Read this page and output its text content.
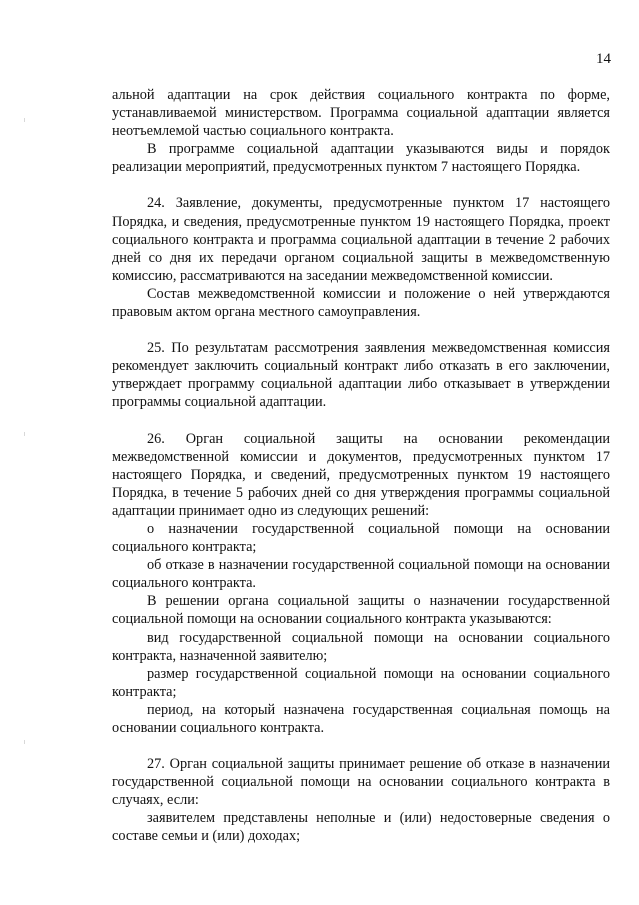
14

альной адаптации на срок действия социального контракта по форме, устанавливаемой министерством. Программа социальной адаптации является неотъемлемой частью социального контракта.

В программе социальной адаптации указываются виды и порядок реализации мероприятий, предусмотренных пунктом 7 настоящего Порядка.

24. Заявление, документы, предусмотренные пунктом 17 настоящего Порядка, и сведения, предусмотренные пунктом 19 настоящего Порядка, проект социального контракта и программа социальной адаптации в течение 2 рабочих дней со дня их передачи органом социальной защиты в межведомственную комиссию, рассматриваются на заседании межведомственной комиссии.

Состав межведомственной комиссии и положение о ней утверждаются правовым актом органа местного самоуправления.

25. По результатам рассмотрения заявления межведомственная комиссия рекомендует заключить социальный контракт либо отказать в его заключении, утверждает программу социальной адаптации либо отказывает в утверждении программы социальной адаптации.

26. Орган социальной защиты на основании рекомендации межведомственной комиссии и документов, предусмотренных пунктом 17 настоящего Порядка, и сведений, предусмотренных пунктом 19 настоящего Порядка, в течение 5 рабочих дней со дня утверждения программы социальной адаптации принимает одно из следующих решений:

о назначении государственной социальной помощи на основании социального контракта;

об отказе в назначении государственной социальной помощи на основании социального контракта.

В решении органа социальной защиты о назначении государственной социальной помощи на основании социального контракта указываются:

вид государственной социальной помощи на основании социального контракта, назначенной заявителю;

размер государственной социальной помощи на основании социального контракта;

период, на который назначена государственная социальная помощь на основании социального контракта.

27. Орган социальной защиты принимает решение об отказе в назначении государственной социальной помощи на основании социального контракта в случаях, если:

заявителем представлены неполные и (или) недостоверные сведения о составе семьи и (или) доходах;
